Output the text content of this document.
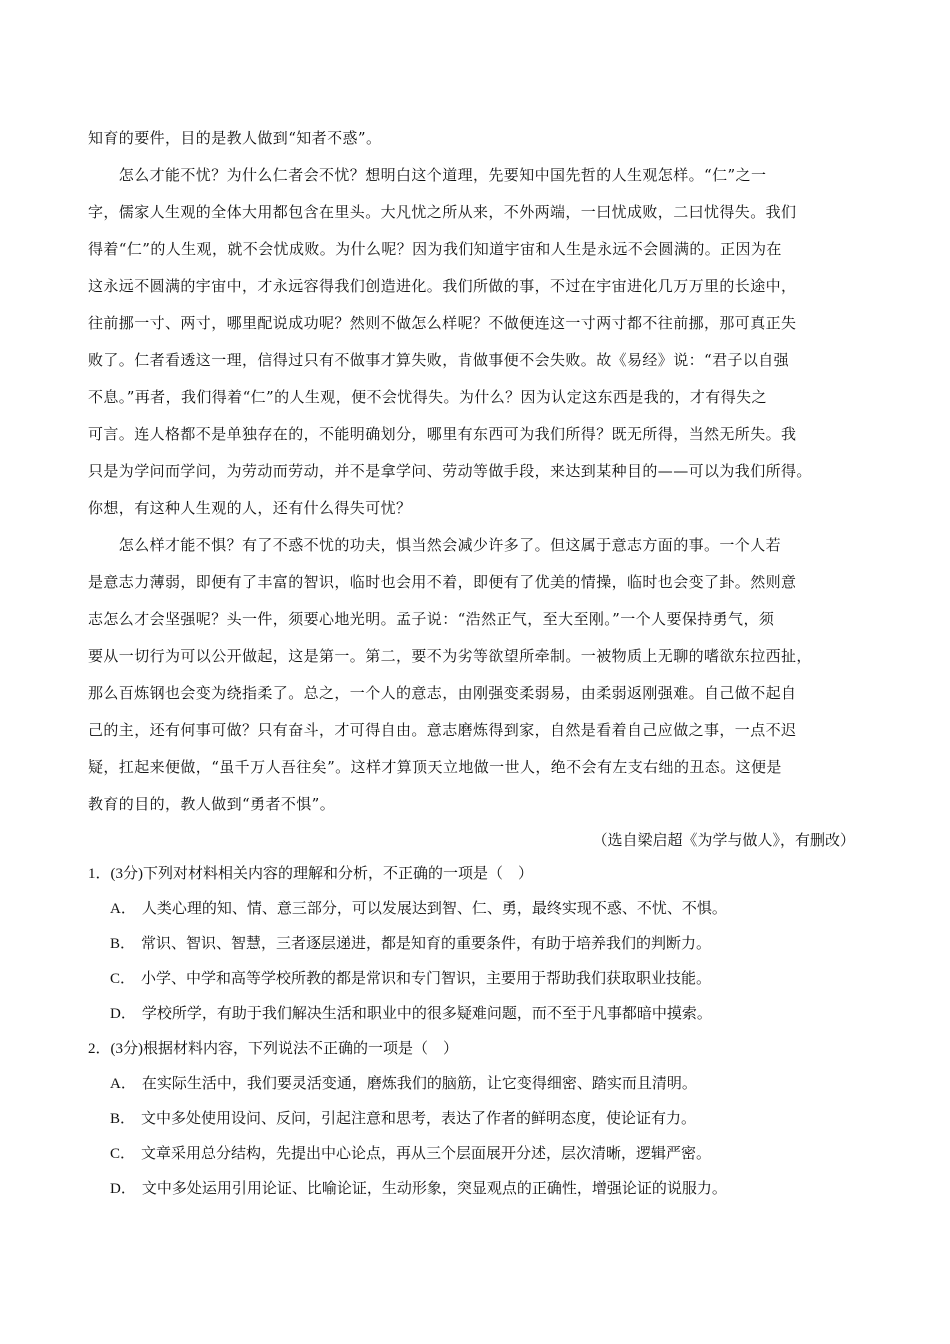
知育的要件，目的是教人做到“知者不惑”。
　　怎么才能不忧？为什么仁者会不忧？想明白这个道理，先要知中国先哲的人生观怎样。“仁”之一
字，儒家人生观的全体大用都包含在里头。大凡忧之所从来，不外两端，一曰忧成败，二曰忧得失。我们
得着“仁”的人生观，就不会忧成败。为什么呢？因为我们知道宇宙和人生是永远不会圆满的。正因为在
这永远不圆满的宇宙中，才永远容得我们创造进化。我们所做的事，不过在宇宙进化几万万里的长途中，
往前挪一寸、两寸，哪里配说成功呢？然则不做怎么样呢？不做便连这一寸两寸都不往前挪，那可真正失
败了。仁者看透这一理，信得过只有不做事才算失败，肯做事便不会失败。故《易经》说：“君子以自强
不息。”再者，我们得着“仁”的人生观，便不会忧得失。为什么？因为认定这东西是我的，才有得失之
可言。连人格都不是单独存在的，不能明确划分，哪里有东西可为我们所得？既无所得，当然无所失。我
只是为学问而学问，为劳动而劳动，并不是拿学问、劳动等做手段，来达到某种目的——可以为我们所得。
你想，有这种人生观的人，还有什么得失可忧？
　　怎么样才能不惧？有了不惑不忧的功夫，惧当然会减少许多了。但这属于意志方面的事。一个人若
是意志力薄弱，即便有了丰富的智识，临时也会用不着，即便有了优美的情操，临时也会变了卦。然则意
志怎么才会坚强呢？头一件，须要心地光明。孟子说：“浩然正气，至大至刚。”一个人要保持勇气，须
要从一切行为可以公开做起，这是第一。第二，要不为劣等欲望所牵制。一被物质上无聊的嗜欲东拉西扯，
那么百炼钢也会变为绕指柔了。总之，一个人的意志，由刚强变柔弱易，由柔弱返刚强难。自己做不起自
己的主，还有何事可做？只有奋斗，才可得自由。意志磨炼得到家，自然是看着自己应做之事，一点不迟
疑，扛起来便做，“虽千万人吾往矣”。这样才算顶天立地做一世人，绝不会有左支右绌的丑态。这便是
教育的目的，教人做到“勇者不惧”。

（选自梁启超《为学与做人》，有删改）

1．(3分)下列对材料相关内容的理解和分析，不正确的一项是（　）
A． 人类心理的知、情、意三部分，可以发展达到智、仁、勇，最终实现不惑、不忧、不惧。
B． 常识、智识、智慧，三者逐层递进，都是知育的重要条件，有助于培养我们的判断力。
C． 小学、中学和高等学校所教的都是常识和专门智识，主要用于帮助我们获取职业技能。
D． 学校所学，有助于我们解决生活和职业中的很多疑难问题，而不至于凡事都暗中摸索。
2．(3分)根据材料内容，下列说法不正确的一项是（　）
A． 在实际生活中，我们要灵活变通，磨炼我们的脑筋，让它变得细密、踏实而且清明。
B． 文中多处使用设问、反问，引起注意和思考，表达了作者的鲜明态度，使论证有力。
C． 文章采用总分结构，先提出中心论点，再从三个层面展开分述，层次清晰，逻辑严密。
D． 文中多处运用引用论证、比喻论证，生动形象，突显观点的正确性，增强论证的说服力。
